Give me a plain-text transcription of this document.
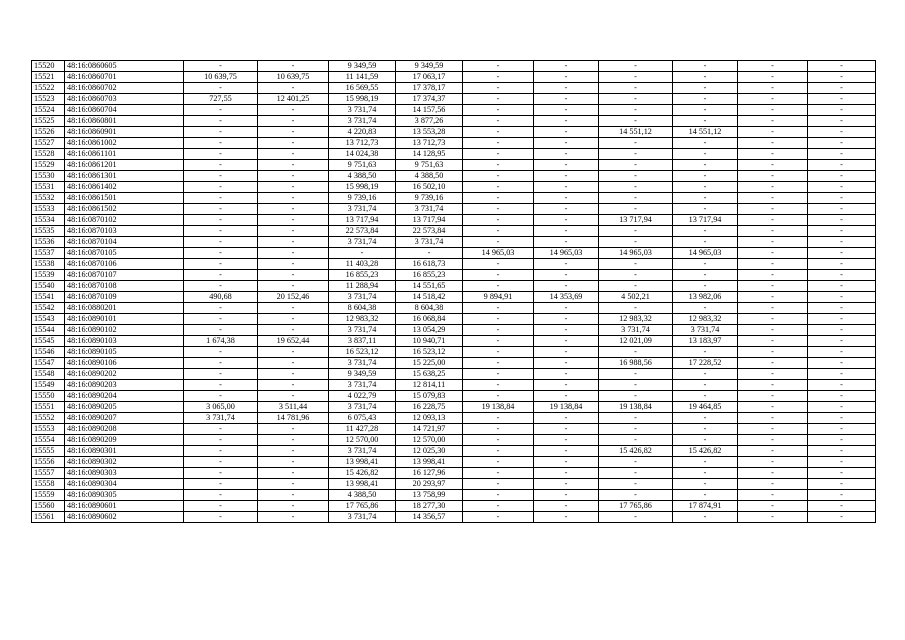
15520	48:16:0860605	-	-	9 349,59	9 349,59	-	-	-	-	-	-
15521	48:16:0860701	10 639,75	10 639,75	11 141,59	17 063,17	-	-	-	-	-	-
15522	48:16:0860702	-	-	16 569,55	17 378,17	-	-	-	-	-	-
15523	48:16:0860703	727,55	12 401,25	15 998,19	17 374,37	-	-	-	-	-	-
15524	48:16:0860704	-	-	3 731,74	14 157,56	-	-	-	-	-	-
15525	48:16:0860801	-	-	3 731,74	3 877,26	-	-	-	-	-	-
15526	48:16:0860901	-	-	4 220,83	13 553,28	-	-	14 551,12	14 551,12	-	-
15527	48:16:0861002	-	-	13 712,73	13 712,73	-	-	-	-	-	-
15528	48:16:0861101	-	-	14 024,38	14 128,95	-	-	-	-	-	-
15529	48:16:0861201	-	-	9 751,63	9 751,63	-	-	-	-	-	-
15530	48:16:0861301	-	-	4 388,50	4 388,50	-	-	-	-	-	-
15531	48:16:0861402	-	-	15 998,19	16 502,10	-	-	-	-	-	-
15532	48:16:0861501	-	-	9 739,16	9 739,16	-	-	-	-	-	-
15533	48:16:0861502	-	-	3 731,74	3 731,74	-	-	-	-	-	-
15534	48:16:0870102	-	-	13 717,94	13 717,94	-	-	13 717,94	13 717,94	-	-
15535	48:16:0870103	-	-	22 573,84	22 573,84	-	-	-	-	-	-
15536	48:16:0870104	-	-	3 731,74	3 731,74	-	-	-	-	-	-
15537	48:16:0870105	-	-	-	-	14 965,03	14 965,03	14 965,03	14 965,03	-	-
15538	48:16:0870106	-	-	11 403,28	16 618,73	-	-	-	-	-	-
15539	48:16:0870107	-	-	16 855,23	16 855,23	-	-	-	-	-	-
15540	48:16:0870108	-	-	11 288,94	14 551,65	-	-	-	-	-	-
15541	48:16:0870109	490,68	20 152,46	3 731,74	14 518,42	9 894,91	14 353,69	4 502,21	13 982,06	-	-
15542	48:16:0880201	-	-	8 604,38	8 604,38	-	-	-	-	-	-
15543	48:16:0890101	-	-	12 983,32	16 068,84	-	-	12 983,32	12 983,32	-	-
15544	48:16:0890102	-	-	3 731,74	13 054,29	-	-	3 731,74	3 731,74	-	-
15545	48:16:0890103	1 674,38	19 652,44	3 837,11	10 940,71	-	-	12 021,09	13 183,97	-	-
15546	48:16:0890105	-	-	16 523,12	16 523,12	-	-	-	-	-	-
15547	48:16:0890106	-	-	3 731,74	15 225,00	-	-	16 988,56	17 228,52	-	-
15548	48:16:0890202	-	-	9 349,59	15 638,25	-	-	-	-	-	-
15549	48:16:0890203	-	-	3 731,74	12 814,11	-	-	-	-	-	-
15550	48:16:0890204	-	-	4 022,79	15 079,83	-	-	-	-	-	-
15551	48:16:0890205	3 065,00	3 511,44	3 731,74	16 228,75	19 138,84	19 138,84	19 138,84	19 464,85	-	-
15552	48:16:0890207	3 731,74	14 781,96	6 075,43	12 093,13	-	-	-	-	-	-
15553	48:16:0890208	-	-	11 427,28	14 721,97	-	-	-	-	-	-
15554	48:16:0890209	-	-	12 570,00	12 570,00	-	-	-	-	-	-
15555	48:16:0890301	-	-	3 731,74	12 025,30	-	-	15 426,82	15 426,82	-	-
15556	48:16:0890302	-	-	13 998,41	13 998,41	-	-	-	-	-	-
15557	48:16:0890303	-	-	15 426,82	16 127,96	-	-	-	-	-	-
15558	48:16:0890304	-	-	13 998,41	20 293,97	-	-	-	-	-	-
15559	48:16:0890305	-	-	4 388,50	13 758,99	-	-	-	-	-	-
15560	48:16:0890601	-	-	17 765,86	18 277,30	-	-	17 765,86	17 874,91	-	-
15561	48:16:0890602	-	-	3 731,74	14 356,57	-	-	-	-	-	-
